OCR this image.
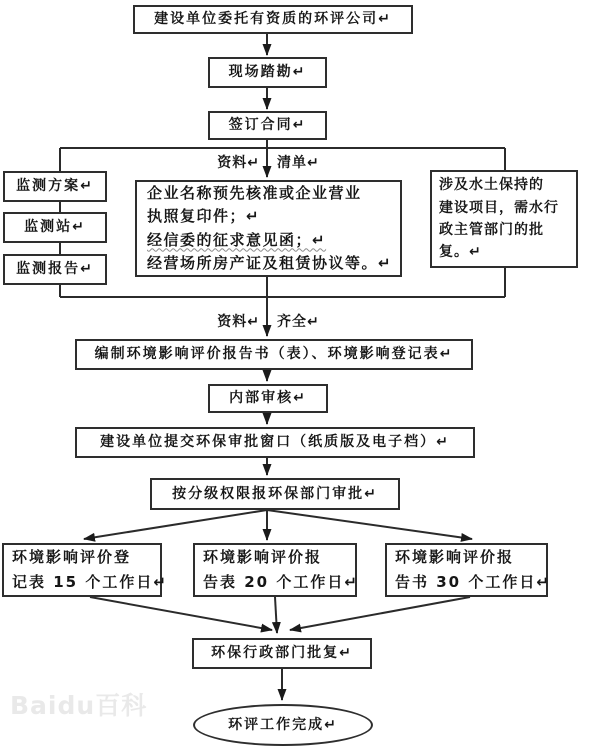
建设单位委托有资质的环评公司↵
现场踏勘↵
签订合同↵
资料↵ 清单↵
监测方案↵
监测站↵
监测报告↵
企业名称预先核准或企业营业
执照复印件；↵
经信委的征求意见函；↵
经营场所房产证及租赁协议等。↵
涉及水土保持的
建设项目，需水行
政主管部门的批
复。↵
资料↵ 齐全↵
编制环境影响评价报告书（表）、环境影响登记表↵
内部审核↵
建设单位提交环保审批窗口（纸质版及电子档）↵
按分级权限报环保部门审批↵
环境影响评价登
记表 15 个工作日↵
环境影响评价报
告表 20 个工作日↵
环境影响评价报
告书 30 个工作日↵
环保行政部门批复↵
环评工作完成↵
Baidu百科
